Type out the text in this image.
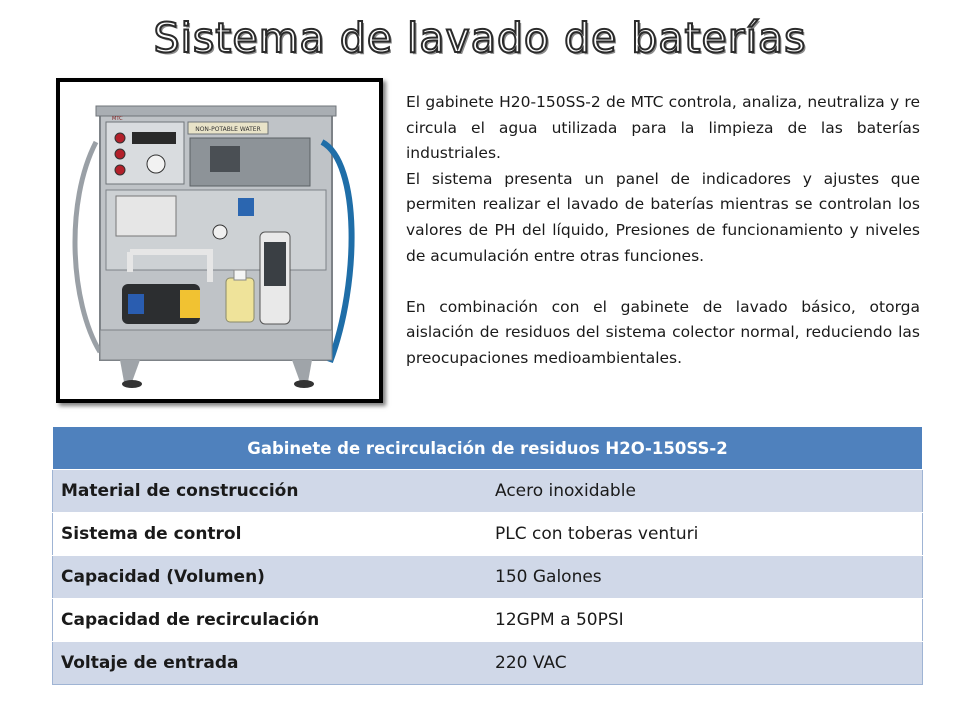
Sistema de lavado de baterías
NON-POTABLE WATER
MTC

El gabinete H20-150SS-2 de MTC controla, analiza, neutraliza y re circula el agua utilizada para la limpieza de las baterías industriales.

El sistema presenta un panel de indicadores y ajustes que permiten realizar el lavado de baterías mientras se controlan los valores de PH del líquido, Presiones de funcionamiento y niveles de acumulación entre otras funciones.

En combinación con el gabinete de lavado básico, otorga aislación de residuos del sistema colector normal, reduciendo las preocupaciones medioambientales.

Gabinete de recirculación de residuos H2O-150SS-2	
Material de construcción	Acero inoxidable
Sistema de control	PLC con toberas venturi
Capacidad (Volumen)	150 Galones
Capacidad de recirculación	12GPM a 50PSI
Voltaje de entrada	220 VAC
